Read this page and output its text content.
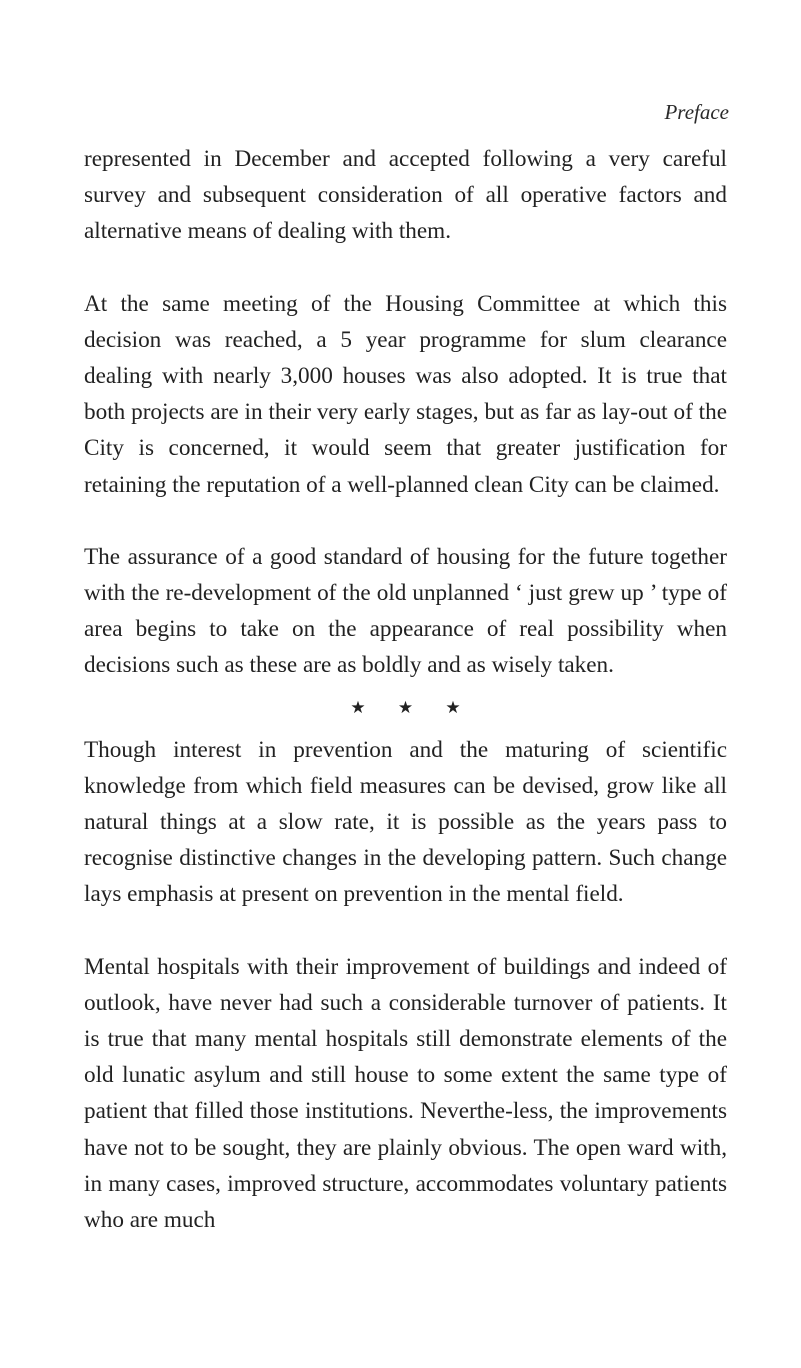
Preface

represented in December and accepted following a very careful survey and subsequent consideration of all operative factors and alternative means of dealing with them.

At the same meeting of the Housing Committee at which this decision was reached, a 5 year programme for slum clearance dealing with nearly 3,000 houses was also adopted. It is true that both projects are in their very early stages, but as far as lay-out of the City is concerned, it would seem that greater justification for retaining the reputation of a well-planned clean City can be claimed.

The assurance of a good standard of housing for the future together with the re-development of the old unplanned ‘ just grew up ’ type of area begins to take on the appearance of real possibility when decisions such as these are as boldly and as wisely taken.

★ ★ ★

Though interest in prevention and the maturing of scientific knowledge from which field measures can be devised, grow like all natural things at a slow rate, it is possible as the years pass to recognise distinctive changes in the developing pattern. Such change lays emphasis at present on prevention in the mental field.

Mental hospitals with their improvement of buildings and indeed of outlook, have never had such a considerable turnover of patients. It is true that many mental hospitals still demonstrate elements of the old lunatic asylum and still house to some extent the same type of patient that filled those institutions. Neverthe-less, the improvements have not to be sought, they are plainly obvious. The open ward with, in many cases, improved structure, accommodates voluntary patients who are much
